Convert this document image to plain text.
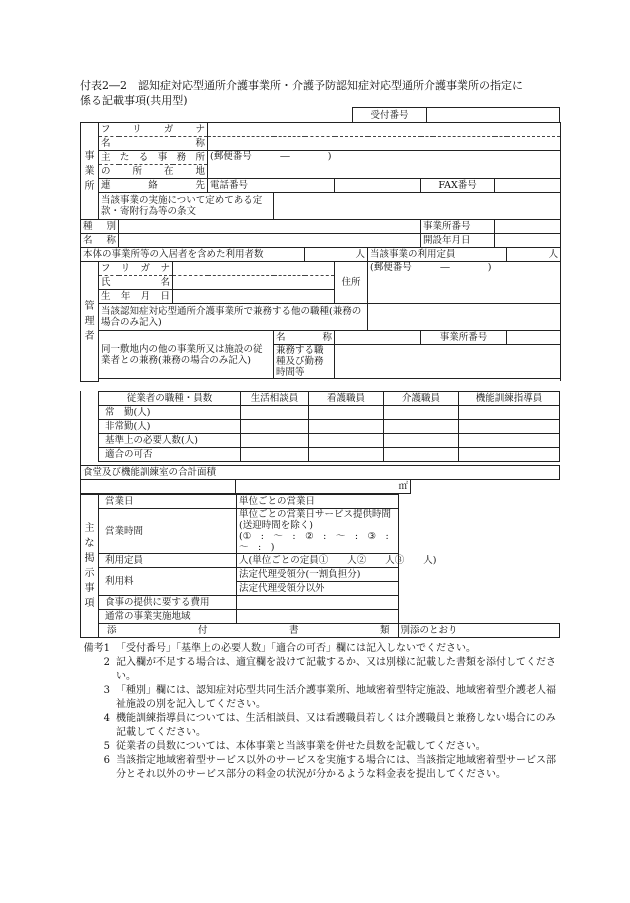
付表2―2　認知症対応型通所介護事業所・介護予防認知症対応型通所介護事業所の指定に
係る記載事項(共用型)
受付番号	
事業所	フリガナ										
	名称										
	主たる事務所			(郵便番号　　　―　　　　)							
	の所在地										
	連絡先			電話番号					FAX番号		
	当該事業の実施について定めてある定款・寄附行為等の条文										
種別									事業所番号		
名称									開設年月日		
本体の事業所等の入居者を含めた利用者数						人		当該事業の利用定員			人
管理者	フリガナ						住所	(郵便番号　　　―　　　　)			
	氏名										
	生年月日										
	当該認知症対応型通所介護事業所で兼務する他の職種(兼務の場合のみ記入)										
	同一敷地内の他の事業所又は施設の従業者との兼務(兼務の場合のみ記入)				名称				事業所番号		
					兼務する職種及び勤務時間等						

従業者の職種・員数	生活相談員	看護職員	介護職員	機能訓練指導員
常　勤(人)				
非常勤(人)				
基準上の必要人数(人)				
適合の可否				
食堂及び機能訓練室の合計面積
	㎡	
主な掲示事項	営業日	単位ごとの営業日	
	営業時間	単位ごとの営業日サービス提供時間(送迎時間を除く)
(①　:　～　:　②　:　～　:　③　:　～　:　)	
	利用定員	人(単位ごとの定員①　　人②　　人③　　人)	
	利用料	法定代理受領分(一割負担分)	
		法定代理受領分以外	
	食事の提供に要する費用		
	通常の事業実施地域		
	添付書類		別添のとおり
備考1 「受付番号」「基準上の必要人数」「適合の可否」欄には記入しないでください。
2 記入欄が不足する場合は、適宜欄を設けて記載するか、又は別様に記載した書類を添付してください。
3 「種別」欄には、認知症対応型共同生活介護事業所、地域密着型特定施設、地域密着型介護老人福祉施設の別を記入してください。
4 機能訓練指導員については、生活相談員、又は看護職員若しくは介護職員と兼務しない場合にのみ記載してください。
5 従業者の員数については、本体事業と当該事業を併せた員数を記載してください。
6 当該指定地域密着型サービス以外のサービスを実施する場合には、当該指定地域密着型サービス部分とそれ以外のサービス部分の料金の状況が分かるような料金表を提出してください。
